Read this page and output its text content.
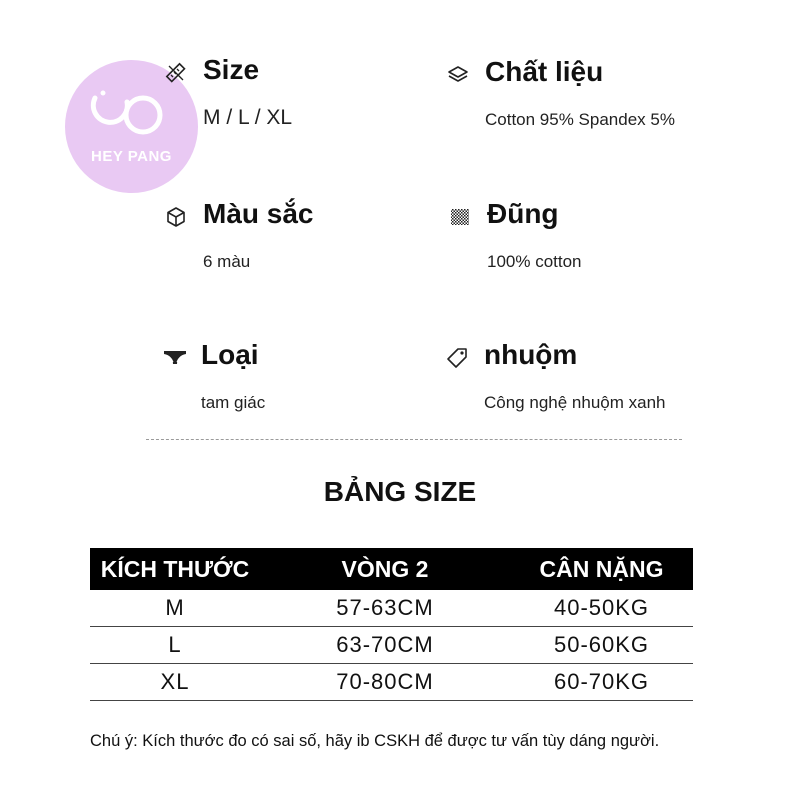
HEY PANG
Size
M / L / XL
Chất liệu
Cotton 95% Spandex 5%
Màu sắc
6 màu
Đũng
100% cotton
Loại
tam giác
nhuộm
Công nghệ nhuộm xanh
BẢNG SIZE
KÍCH THƯỚC	VÒNG 2	CÂN NẶNG
M	57-63CM	40-50KG
L	63-70CM	50-60KG
XL	70-80CM	60-70KG
Chú ý: Kích thước đo có sai số, hãy ib CSKH để được tư vấn tùy dáng người.
